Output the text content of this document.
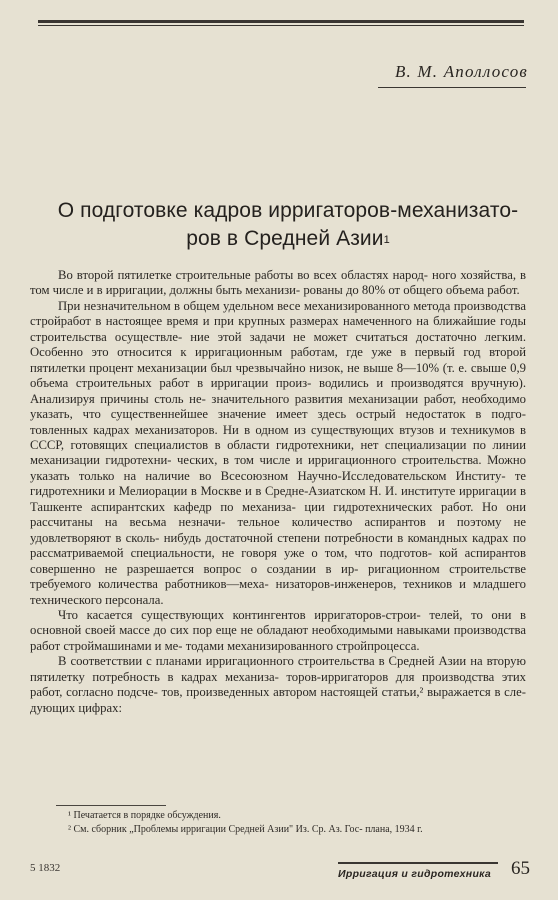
В. М. Аполлосов
О подготовке кадров ирригаторов-механизато- ров в Средней Азии$^1$

Во второй пятилетке строительные работы во всех областях народ- ного хозяйства, в том числе и в ирригации, должны быть механизи- рованы до 80% от общего объема работ.

При незначительном в общем удельном весе механизированного метода производства стройработ в настоящее время и при крупных размерах намеченного на ближайшие годы строительства осуществле- ние этой задачи не может считаться достаточно легким. Особенно это относится к ирригационным работам, где уже в первый год второй пятилетки процент механизации был чрезвычайно низок, не выше 8—10% (т. е. свыше 0,9 объема строительных работ в ирригации произ- водились и производятся вручную). Анализируя причины столь не- значительного развития механизации работ, необходимо указать, что существеннейшее значение имеет здесь острый недостаток в подго- товленных кадрах механизаторов. Ни в одном из существующих втузов и техникумов в СССР, готовящих специалистов в области гидротехники, нет специализации по линии механизации гидротехни- ческих, в том числе и ирригационного строительства. Можно указать только на наличие во Всесоюзном Научно-Исследовательском Институ- те гидротехники и Мелиорации в Москве и в Средне-Азиатском Н. И. институте ирригации в Ташкенте аспирантских кафедр по механиза- ции гидротехнических работ. Но они рассчитаны на весьма незначи- тельное количество аспирантов и поэтому не удовлетворяют в сколь- нибудь достаточной степени потребности в командных кадрах по рассматриваемой специальности, не говоря уже о том, что подготов- кой аспирантов совершенно не разрешается вопрос о создании в ир- ригационном строительстве требуемого количества работников—меха- низаторов-инженеров, техников и младшего технического персонала.

Что касается существующих контингентов ирригаторов-строи- телей, то они в основной своей массе до сих пор еще не обладают необходимыми навыками производства работ строймашинами и ме- тодами механизированного стройпроцесса.

В соответствии с планами ирригационного строительства в Средней Азии на вторую пятилетку потребность в кадрах механиза- торов-ирригаторов для производства этих работ, согласно подсче- тов, произведенных автором настоящей статьи,² выражается в сле- дующих цифрах:

¹ Печатается в порядке обсуждения.
² См. сборник „Проблемы ирригации Средней Азии" Из. Ср. Аз. Гос- плана, 1934 г.
5 1832	Ирригация и гидротехника 65
